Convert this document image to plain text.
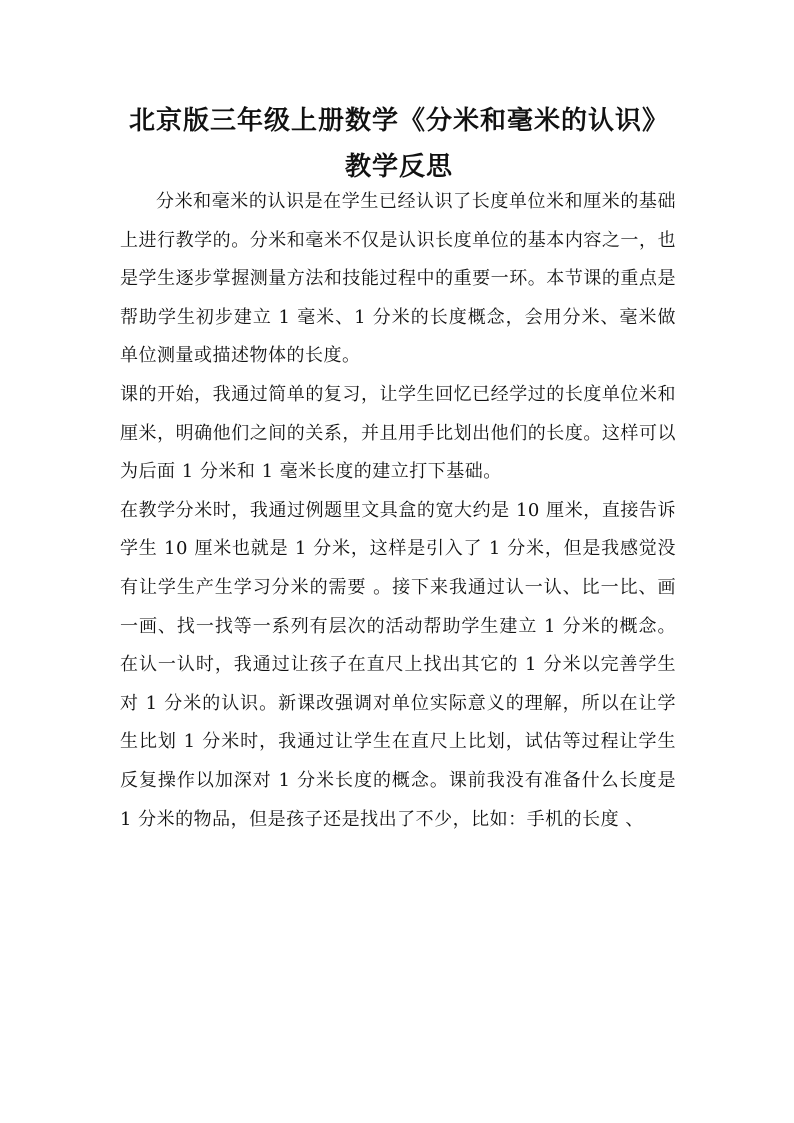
北京版三年级上册数学《分米和毫米的认识》教学反思

分米和毫米的认识是在学生已经认识了长度单位米和厘米的基础上进行教学的。分米和毫米不仅是认识长度单位的基本内容之一，也是学生逐步掌握测量方法和技能过程中的重要一环。本节课的重点是帮助学生初步建立 1 毫米、1 分米的长度概念，会用分米、毫米做单位测量或描述物体的长度。

课的开始，我通过简单的复习，让学生回忆已经学过的长度单位米和厘米，明确他们之间的关系，并且用手比划出他们的长度。这样可以为后面 1 分米和 1 毫米长度的建立打下基础。

在教学分米时，我通过例题里文具盒的宽大约是 10 厘米，直接告诉学生 10 厘米也就是 1 分米，这样是引入了 1 分米，但是我感觉没有让学生产生学习分米的需要 。接下来我通过认一认、比一比、画一画、找一找等一系列有层次的活动帮助学生建立 1 分米的概念。在认一认时，我通过让孩子在直尺上找出其它的 1 分米以完善学生对 1 分米的认识。新课改强调对单位实际意义的理解，所以在让学生比划 1 分米时，我通过让学生在直尺上比划，试估等过程让学生反复操作以加深对 1 分米长度的概念。课前我没有准备什么长度是 1 分米的物品，但是孩子还是找出了不少，比如：手机的长度 、
